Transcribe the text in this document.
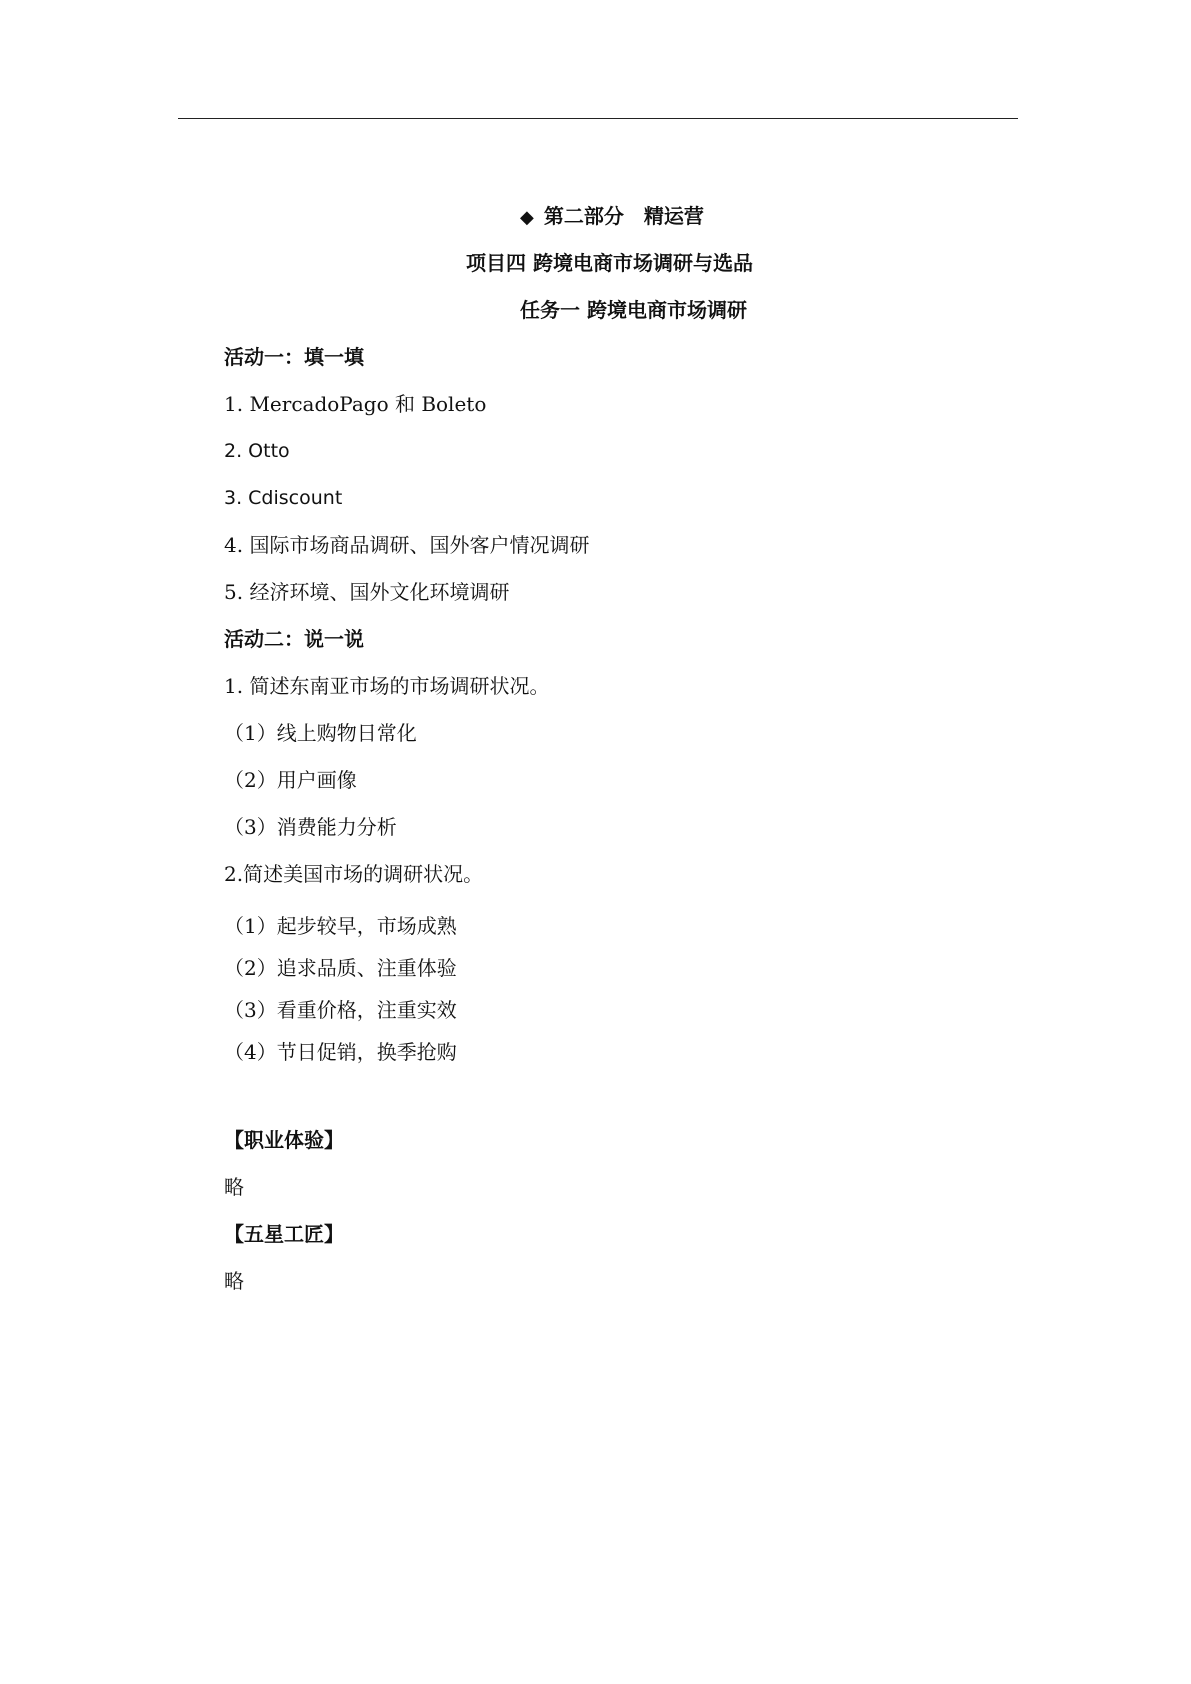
◆ 第二部分 精运营
项目四 跨境电商市场调研与选品
任务一 跨境电商市场调研
活动一：填一填
1. MercadoPago 和 Boleto
2. Otto
3. Cdiscount
4. 国际市场商品调研、国外客户情况调研
5. 经济环境、国外文化环境调研
活动二：说一说
1. 简述东南亚市场的市场调研状况。
（1）线上购物日常化
（2）用户画像
（3）消费能力分析
2.简述美国市场的调研状况。
（1）起步较早，市场成熟
（2）追求品质、注重体验
（3）看重价格，注重实效
（4）节日促销，换季抢购
【职业体验】
略
【五星工匠】
略
